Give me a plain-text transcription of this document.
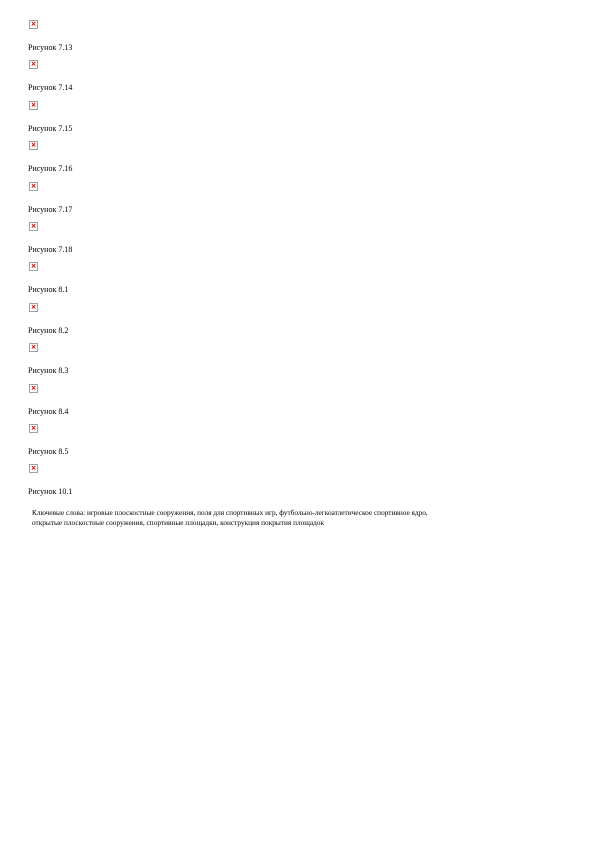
×
Рисунок 7.13
×
Рисунок 7.14
×
Рисунок 7.15
×
Рисунок 7.16
×
Рисунок 7.17
×
Рисунок 7.18
×
Рисунок 8.1
×
Рисунок 8.2
×
Рисунок 8.3
×
Рисунок 8.4
×
Рисунок 8.5
×
Рисунок 10.1
Ключевые слова: игровые плоскостные сооружения, поля для спортивных игр, футбольно-легкоатлетическое спортивное ядро,
открытые плоскостные сооружения, спортивные площадки, конструкция покрытия площадок
